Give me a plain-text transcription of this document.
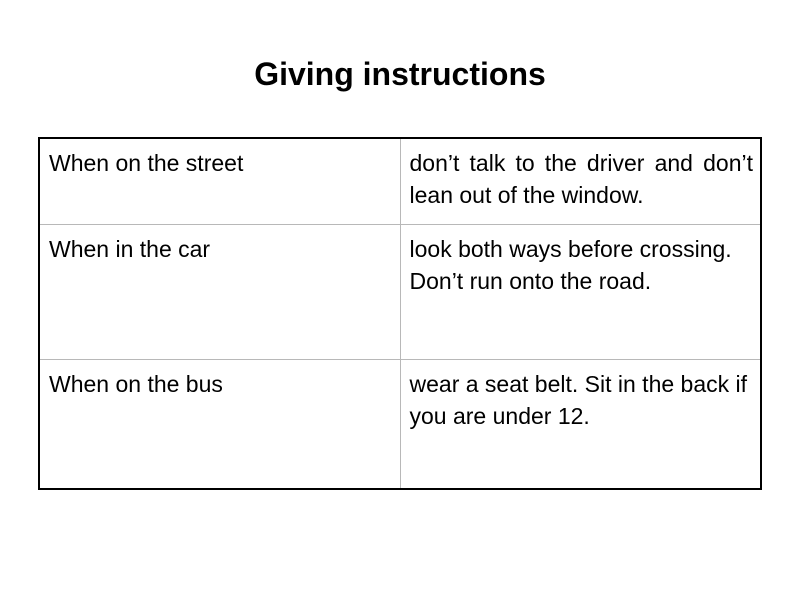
Giving instructions
When on the street	don’t talk to the driver and don’t lean out of the window.
When in the car	look both ways before crossing. Don’t run onto the road.
When on the bus	wear a seat belt. Sit in the back if you are under 12.
